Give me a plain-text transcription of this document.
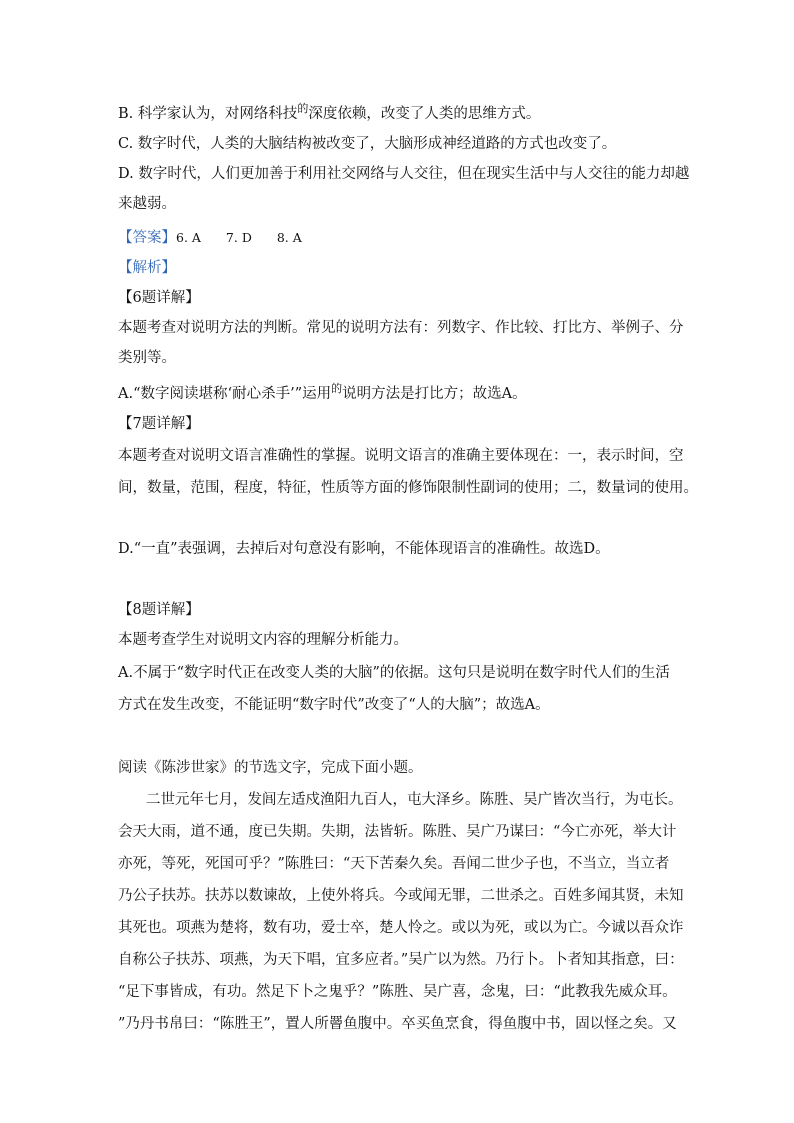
B. 科学家认为，对网络科技$^的$深度依赖，改变了人类的思维方式。
C. 数字时代，人类的大脑结构被改变了，大脑形成神经道路的方式也改变了。
D. 数字时代，人们更加善于利用社交网络与人交往，但在现实生活中与人交往的能力却越
来越弱。
【答案】6. A　　7. D　　8. A
【解析】
【6题详解】
本题考查对说明方法的判断。常见的说明方法有：列数字、作比较、打比方、举例子、分
类别等。
A.“数字阅读堪称‘耐心杀手’”运用$^的$说明方法是打比方；故选A。
【7题详解】
本题考查对说明文语言准确性的掌握。说明文语言的准确主要体现在：一，表示时间，空
间，数量，范围，程度，特征，性质等方面的修饰限制性副词的使用；二，数量词的使用。
D.“一直”表强调，去掉后对句意没有影响，不能体现语言的准确性。故选D。
【8题详解】
本题考查学生对说明文内容的理解分析能力。
A.不属于“数字时代正在改变人类的大脑”的依据。这句只是说明在数字时代人们的生活
方式在发生改变，不能证明“数字时代”改变了“人的大脑”；故选A。
阅读《陈涉世家》的节选文字，完成下面小题。
二世元年七月，发闾左适戍渔阳九百人，屯大泽乡。陈胜、吴广皆次当行，为屯长。
会天大雨，道不通，度已失期。失期，法皆斩。陈胜、吴广乃谋曰：“今亡亦死，举大计
亦死，等死，死国可乎？”陈胜曰：“天下苦秦久矣。吾闻二世少子也，不当立，当立者
乃公子扶苏。扶苏以数谏故，上使外将兵。今或闻无罪，二世杀之。百姓多闻其贤，未知
其死也。项燕为楚将，数有功，爱士卒，楚人怜之。或以为死，或以为亡。今诚以吾众诈
自称公子扶苏、项燕，为天下唱，宜多应者。”吴广以为然。乃行卜。卜者知其指意，曰：
“足下事皆成，有功。然足下卜之鬼乎？”陈胜、吴广喜，念鬼，曰：“此教我先威众耳。
”乃丹书帛曰：“陈胜王”，置人所罾鱼腹中。卒买鱼烹食，得鱼腹中书，固以怪之矣。又
